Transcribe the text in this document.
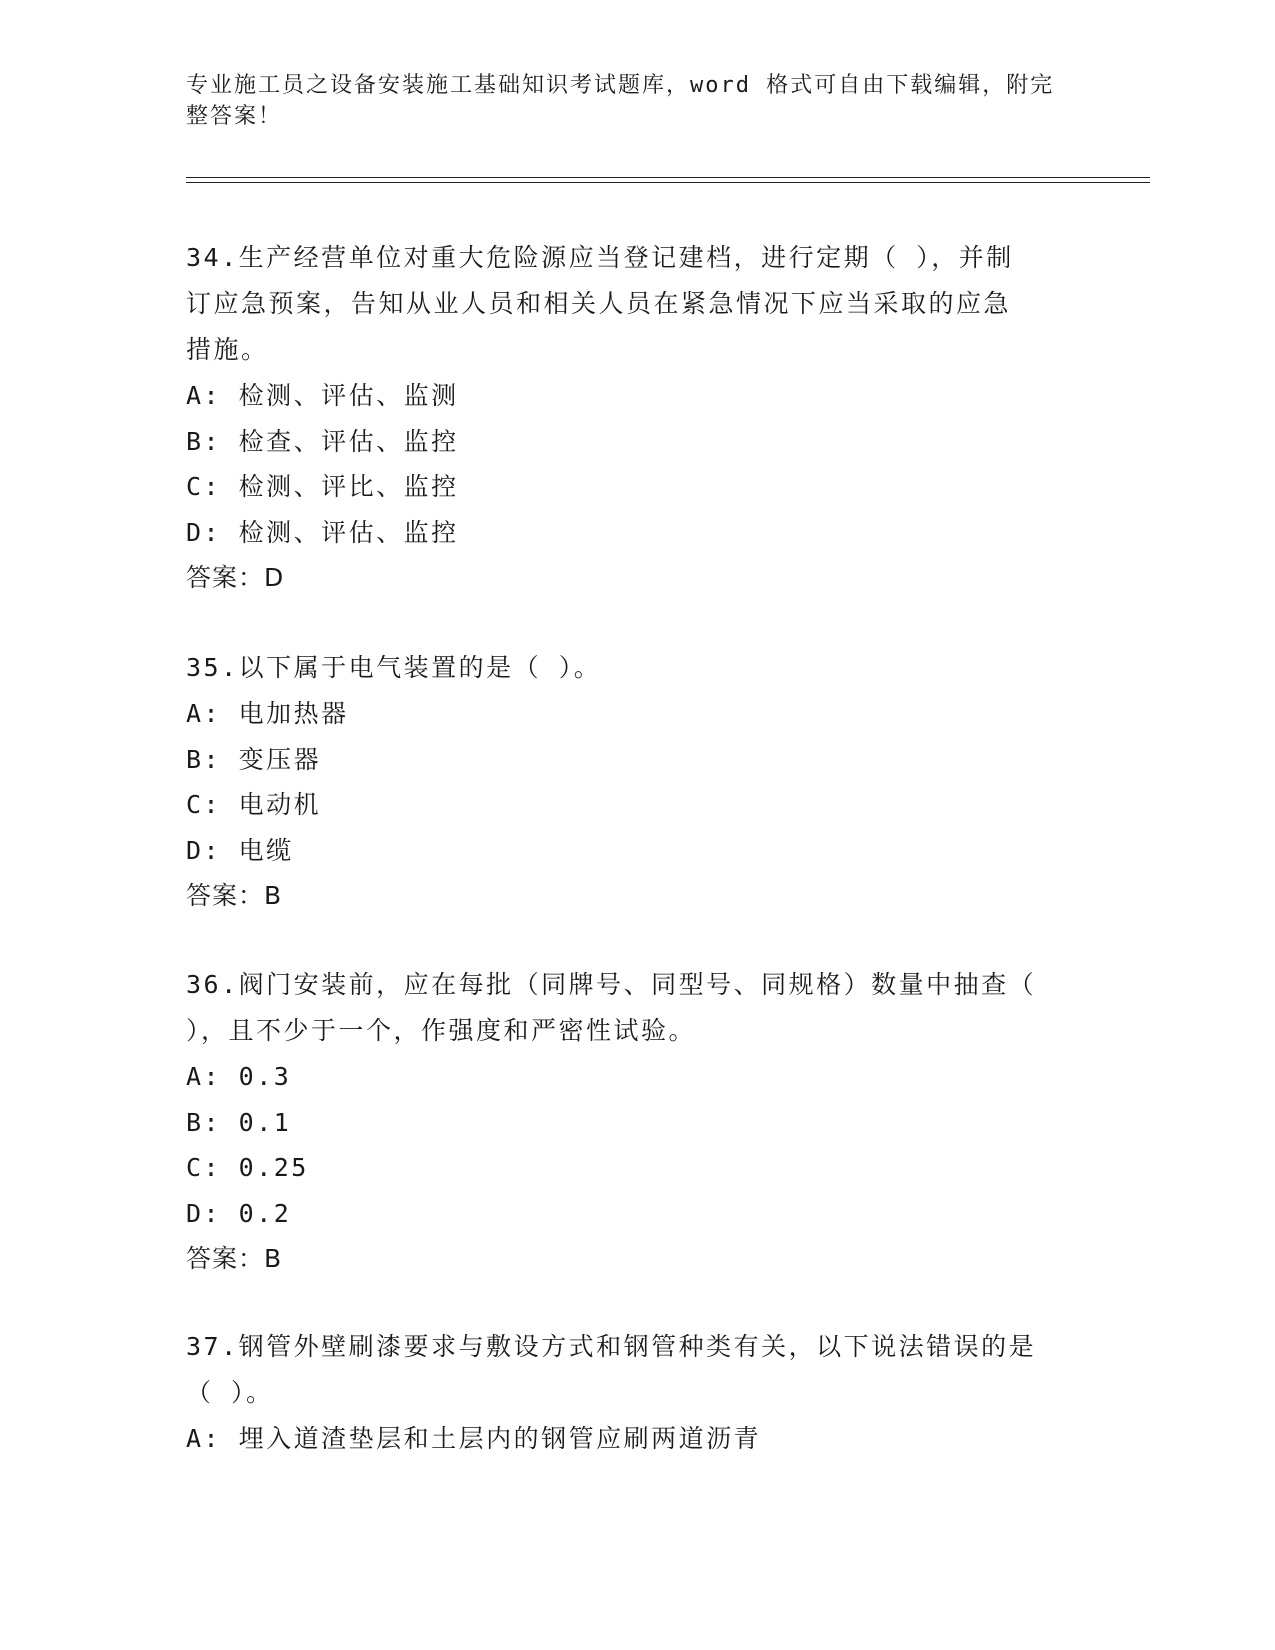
专业施工员之设备安装施工基础知识考试题库，word 格式可自由下载编辑，附完
整答案！
34.生产经营单位对重大危险源应当登记建档，进行定期（ ），并制
订应急预案，告知从业人员和相关人员在紧急情况下应当采取的应急
措施。
A: 检测、评估、监测
B: 检查、评估、监控
C: 检测、评比、监控
D: 检测、评估、监控
答案：D
35.以下属于电气装置的是（ ）。
A: 电加热器
B: 变压器
C: 电动机
D: 电缆
答案：B
36.阀门安装前，应在每批（同牌号、同型号、同规格）数量中抽查（
），且不少于一个，作强度和严密性试验。
A: 0.3
B: 0.1
C: 0.25
D: 0.2
答案：B
37.钢管外壁刷漆要求与敷设方式和钢管种类有关，以下说法错误的是
（ ）。
A: 埋入道渣垫层和土层内的钢管应刷两道沥青
